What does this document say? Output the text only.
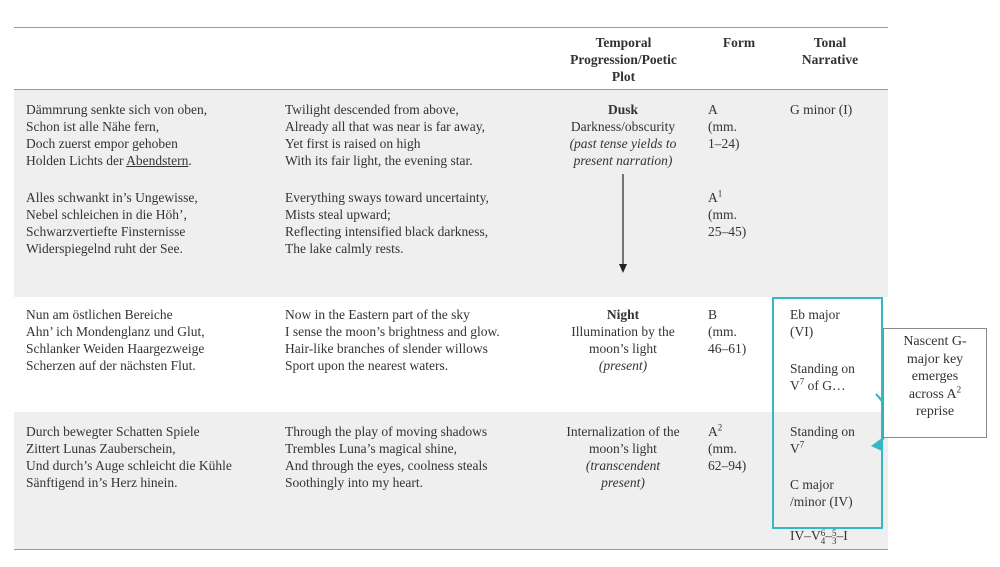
Temporal
Progression/Poetic
Plot
Form	Tonal
Narrative
Dämmrung senkte sich von oben,
Schon ist alle Nähe fern,
Doch zuerst empor gehoben
Holden Lichts der Abendstern.
Twilight descended from above,
Already all that was near is far away,
Yet first is raised on high
With its fair light, the evening star.
Alles schwankt in’s Ungewisse,
Nebel schleichen in die Höh’,
Schwarzvertiefte Finsternisse
Widerspiegelnd ruht der See.
Everything sways toward uncertainty,
Mists steal upward;
Reflecting intensified black darkness,
The lake calmly rests.
Dusk
Darkness/obscurity
(past tense yields to
present narration)
A
(mm.
1–24)
$A^1$
(mm.
25–45)
G minor (I)
Nun am östlichen Bereiche
Ahn’ ich Mondenglanz und Glut,
Schlanker Weiden Haargezweige
Scherzen auf der nächsten Flut.
Now in the Eastern part of the sky
I sense the moon’s brightness and glow.
Hair-like branches of slender willows
Sport upon the nearest waters.
Night
Illumination by the
moon’s light
(present)
B
(mm.
46–61)
Eb major
(VI)
Standing on
$V^7$ of G…
Durch bewegter Schatten Spiele
Zittert Lunas Zauberschein,
Und durch’s Auge schleicht die Kühle
Sänftigend in’s Herz hinein.
Through the play of moving shadows
Trembles Luna’s magical shine,
And through the eyes, coolness steals
Soothingly into my heart.
Internalization of the
moon’s light
(transcendent
present)
$A^2$
(mm.
62–94)
Standing on
$V^7$
C major
/minor (IV)
IV–V 6
4 – 5
3 –I
Nascent G-
major key
emerges
across $A^2$
reprise
